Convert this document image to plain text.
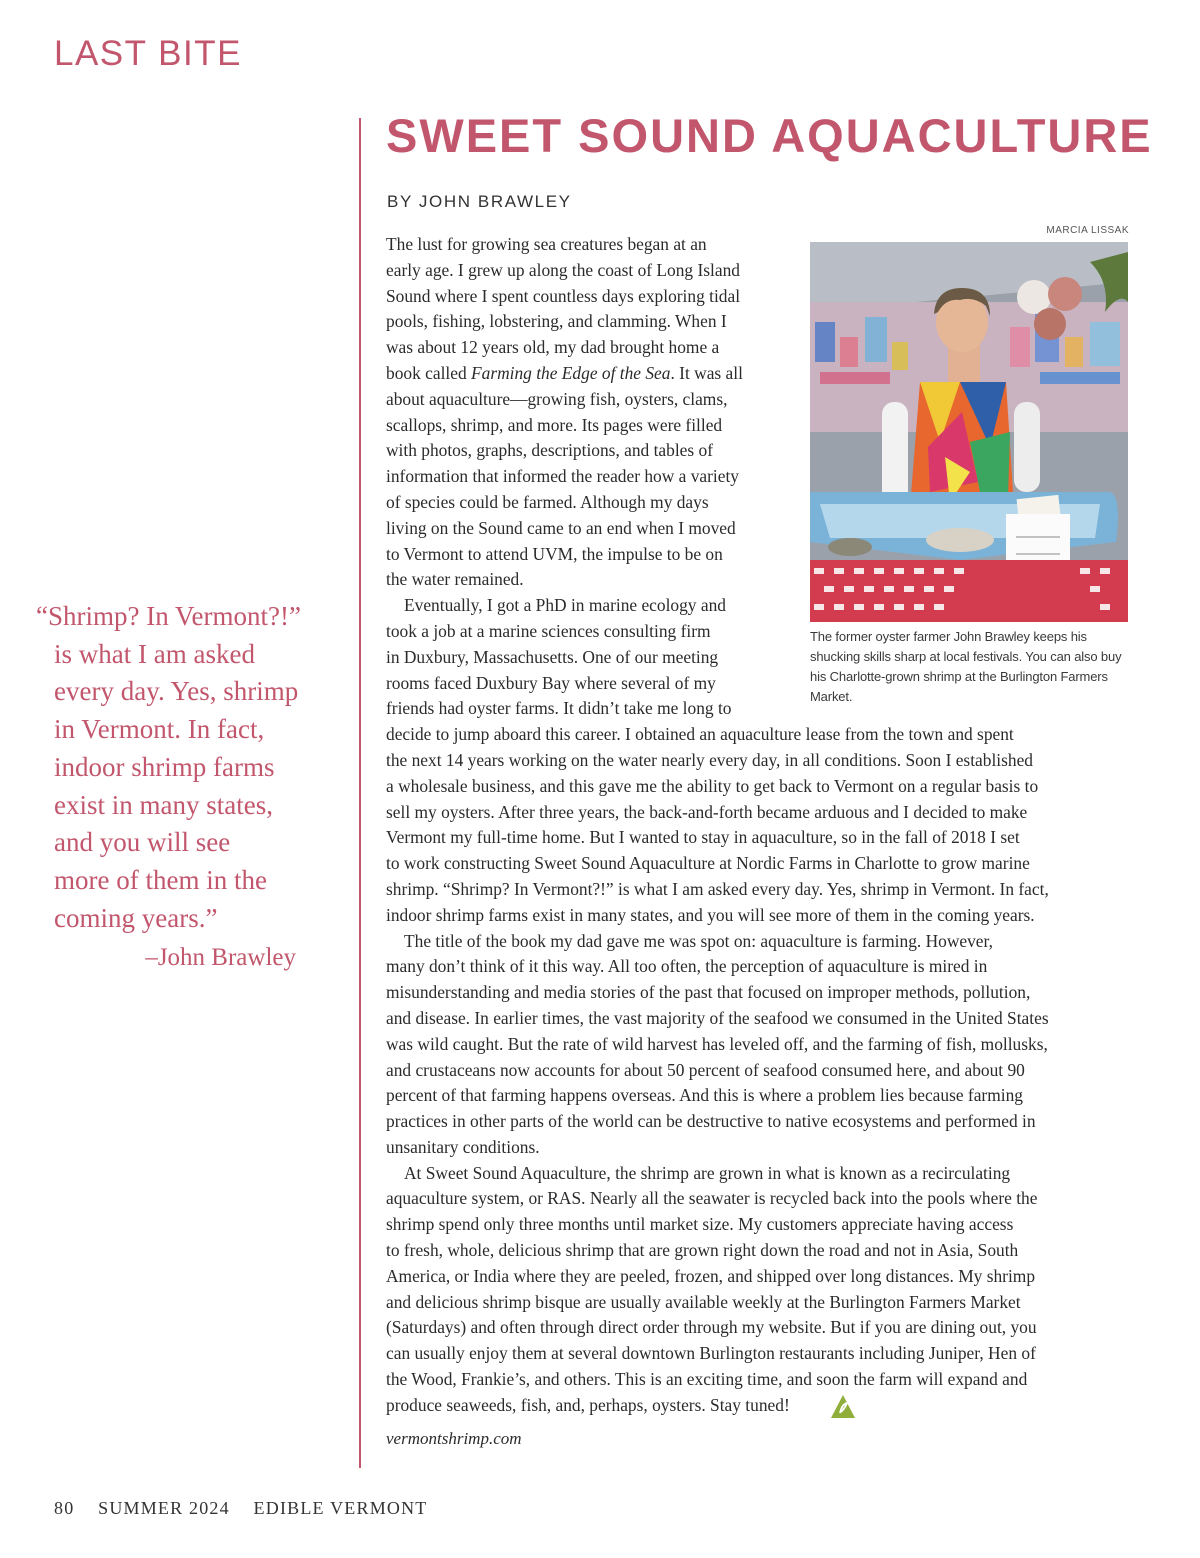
LAST BITE
SWEET SOUND AQUACULTURE
BY JOHN BRAWLEY
MARCIA LISSAK

The former oyster farmer John Brawley keeps his shucking skills sharp at local festivals. You can also buy his Charlotte-grown shrimp at the Burlington Farmers Market.

“Shrimp? In Vermont?!”
is what I am asked
every day. Yes, shrimp
in Vermont. In fact,
indoor shrimp farms
exist in many states,
and you will see
more of them in the
coming years.”
–John Brawley
The lust for growing sea creatures began at an
early age. I grew up along the coast of Long Island
Sound where I spent countless days exploring tidal
pools, fishing, lobstering, and clamming. When I
was about 12 years old, my dad brought home a
book called Farming the Edge of the Sea. It was all
about aquaculture—growing fish, oysters, clams,
scallops, shrimp, and more. Its pages were filled
with photos, graphs, descriptions, and tables of
information that informed the reader how a variety
of species could be farmed. Although my days
living on the Sound came to an end when I moved
to Vermont to attend UVM, the impulse to be on
the water remained.
Eventually, I got a PhD in marine ecology and
took a job at a marine sciences consulting firm
in Duxbury, Massachusetts. One of our meeting
rooms faced Duxbury Bay where several of my
friends had oyster farms. It didn’t take me long to
decide to jump aboard this career. I obtained an aquaculture lease from the town and spent
the next 14 years working on the water nearly every day, in all conditions. Soon I established
a wholesale business, and this gave me the ability to get back to Vermont on a regular basis to
sell my oysters. After three years, the back-and-forth became arduous and I decided to make
Vermont my full-time home. But I wanted to stay in aquaculture, so in the fall of 2018 I set
to work constructing Sweet Sound Aquaculture at Nordic Farms in Charlotte to grow marine
shrimp. “Shrimp? In Vermont?!” is what I am asked every day. Yes, shrimp in Vermont. In fact,
indoor shrimp farms exist in many states, and you will see more of them in the coming years.
The title of the book my dad gave me was spot on: aquaculture is farming. However,
many don’t think of it this way. All too often, the perception of aquaculture is mired in
misunderstanding and media stories of the past that focused on improper methods, pollution,
and disease. In earlier times, the vast majority of the seafood we consumed in the United States
was wild caught. But the rate of wild harvest has leveled off, and the farming of fish, mollusks,
and crustaceans now accounts for about 50 percent of seafood consumed here, and about 90
percent of that farming happens overseas. And this is where a problem lies because farming
practices in other parts of the world can be destructive to native ecosystems and performed in
unsanitary conditions.
At Sweet Sound Aquaculture, the shrimp are grown in what is known as a recirculating
aquaculture system, or RAS. Nearly all the seawater is recycled back into the pools where the
shrimp spend only three months until market size. My customers appreciate having access
to fresh, whole, delicious shrimp that are grown right down the road and not in Asia, South
America, or India where they are peeled, frozen, and shipped over long distances. My shrimp
and delicious shrimp bisque are usually available weekly at the Burlington Farmers Market
(Saturdays) and often through direct order through my website. But if you are dining out, you
can usually enjoy them at several downtown Burlington restaurants including Juniper, Hen of
the Wood, Frankie’s, and others. This is an exciting time, and soon the farm will expand and
produce seaweeds, fish, and, perhaps, oysters. Stay tuned!
vermontshrimp.com
80 SUMMER 2024 EDIBLE VERMONT
